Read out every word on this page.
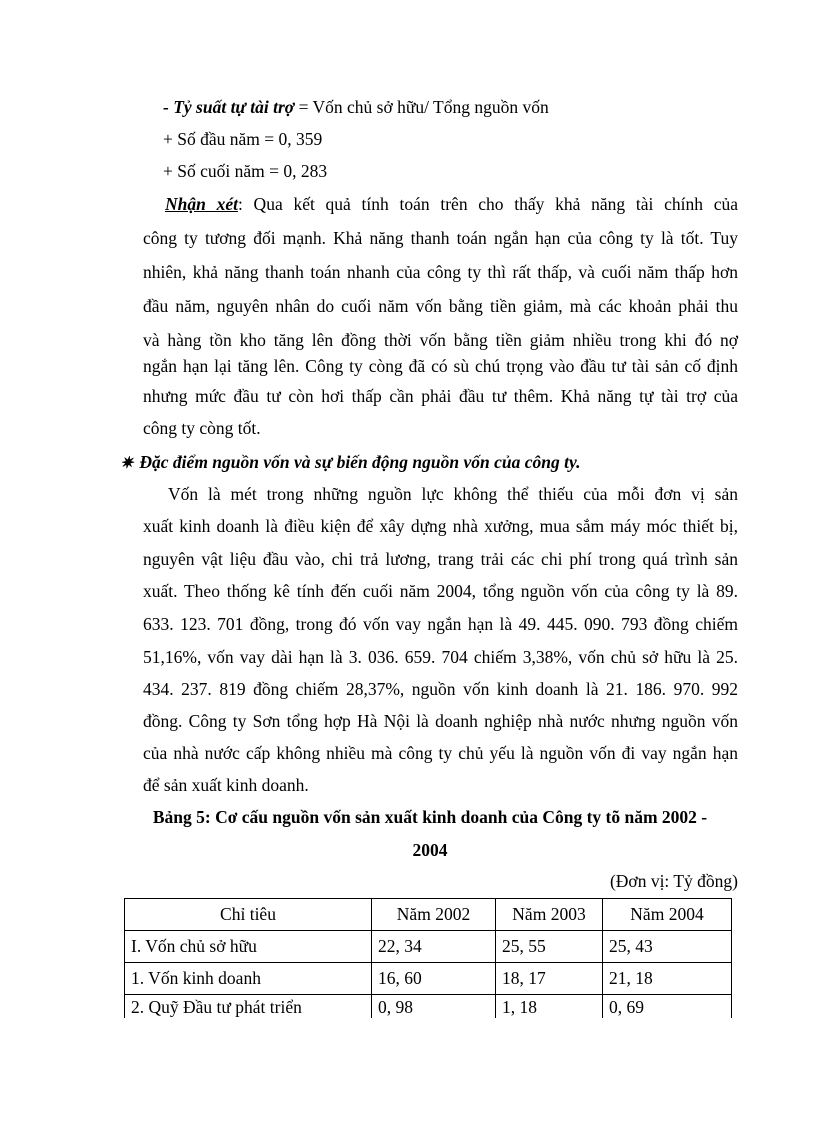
- Tỷ suất tự tài trợ = Vốn chủ sở hữu/ Tổng nguồn vốn
+ Số đầu năm = 0, 359
+ Số cuối năm = 0, 283
Nhận xét: Qua kết quả tính toán trên cho thấy khả năng tài chính của
công ty tương đối mạnh. Khả năng thanh toán ngắn hạn của công ty là tốt. Tuy
nhiên, khả năng thanh toán nhanh của công ty thì rất thấp, và cuối năm thấp hơn
đầu năm, nguyên nhân do cuối năm vốn bằng tiền giảm, mà các khoản phải thu
và hàng tồn kho tăng lên đồng thời vốn bằng tiền giảm nhiều trong khi đó nợ
ngắn hạn lại tăng lên. Công ty còng đã có sù chú trọng vào đầu tư tài sản cố định
nhưng mức đầu tư còn hơi thấp cần phải đầu tư thêm. Khả năng tự tài trợ của
công ty còng tốt.
✷ Đặc điểm nguồn vốn và sự biến động nguồn vốn của công ty.
Vốn là mét trong những nguồn lực không thể thiếu của mỗi đơn vị sản
xuất kinh doanh là điều kiện để xây dựng nhà xưởng, mua sắm máy móc thiết bị,
nguyên vật liệu đầu vào, chi trả lương, trang trải các chi phí trong quá trình sản
xuất. Theo thống kê tính đến cuối năm 2004, tổng nguồn vốn của công ty là 89.
633. 123. 701 đồng, trong đó vốn vay ngắn hạn là 49. 445. 090. 793 đồng chiếm
51,16%, vốn vay dài hạn là 3. 036. 659. 704 chiếm 3,38%, vốn chủ sở hữu là 25.
434. 237. 819 đồng chiếm 28,37%, nguồn vốn kinh doanh là 21. 186. 970. 992
đồng. Công ty Sơn tổng hợp Hà Nội là doanh nghiệp nhà nước nhưng nguồn vốn
của nhà nước cấp không nhiều mà công ty chủ yếu là nguồn vốn đi vay ngắn hạn
để sản xuất kinh doanh.
Bảng 5: Cơ cấu nguồn vốn sản xuất kinh doanh của Công ty tõ năm 2002 -
2004
(Đơn vị: Tỷ đồng)
Chỉ tiêu	Năm 2002	Năm 2003	Năm 2004
I. Vốn chủ sở hữu	22, 34	25, 55	25, 43
1. Vốn kinh doanh	16, 60	18, 17	21, 18
2. Quỹ Đầu tư phát triển	0, 98	1, 18	0, 69
